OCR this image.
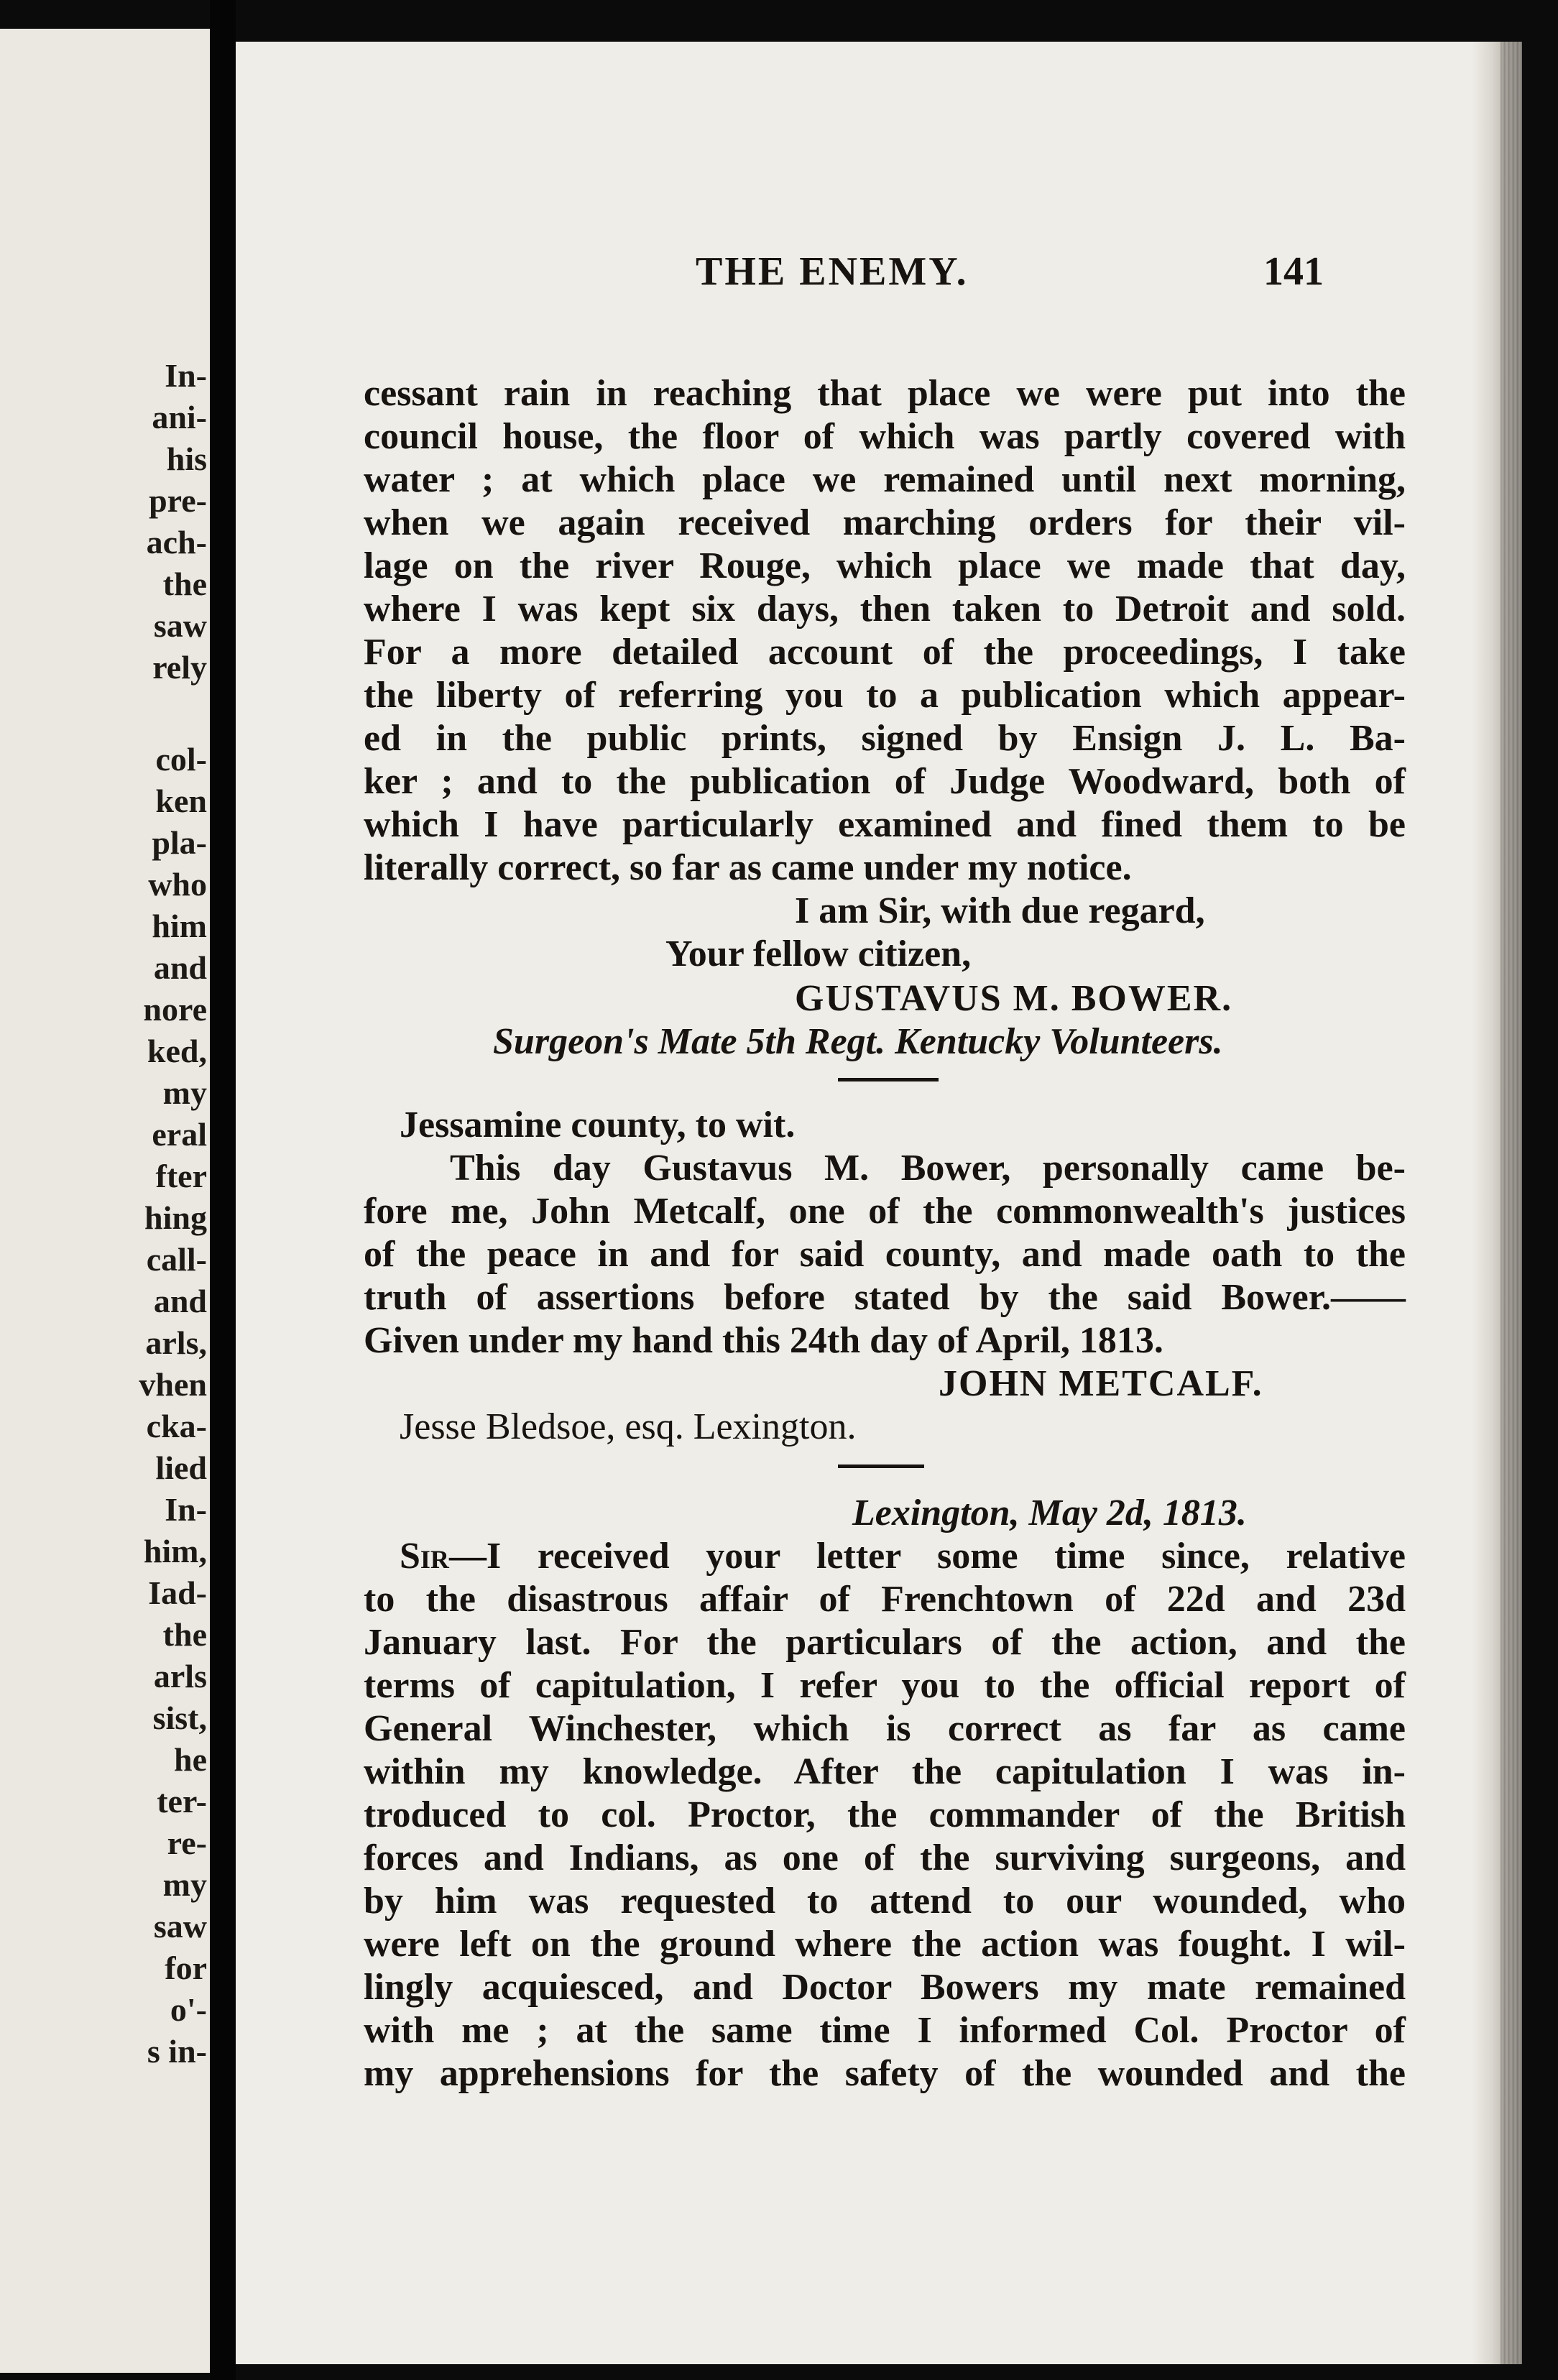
In-
ani-
his
pre-
ach-
the
saw
rely
col-
ken
pla-
who
him
and
nore
ked,
my
eral
fter
hing
call-
and
arls,
vhen
cka-
lied
In-
him,
Iad-
the
arls
sist,
he
ter-
re-
my
saw
for
o'-
s in-
THE ENEMY.	141
cessant rain in reaching that place we were put into the
council house, the floor of which was partly covered with
water ; at which place we remained until next morning,
when we again received marching orders for their vil-
lage on the river Rouge, which place we made that day,
where I was kept six days, then taken to Detroit and sold.
For a more detailed account of the proceedings, I take
the liberty of referring you to a publication which appear-
ed in the public prints, signed by Ensign J. L. Ba-
ker ; and to the publication of Judge Woodward, both of
which I have particularly examined and fined them to be
literally correct, so far as came under my notice.
I am Sir, with due regard,
Your fellow citizen,
GUSTAVUS M. BOWER.
Surgeon's Mate 5th Regt. Kentucky Volunteers.
Jessamine county, to wit.
This day Gustavus M. Bower, personally came be-
fore me, John Metcalf, one of the commonwealth's justices
of the peace in and for said county, and made oath to the
truth of assertions before stated by the said Bower.——
Given under my hand this 24th day of April, 1813.
JOHN METCALF.
Jesse Bledsoe, esq. Lexington.
Lexington, May 2d, 1813.
Sir —I received your letter some time since, relative
to the disastrous affair of Frenchtown of 22d and 23d
January last. For the particulars of the action, and the
terms of capitulation, I refer you to the official report of
General Winchester, which is correct as far as came
within my knowledge. After the capitulation I was in-
troduced to col. Proctor, the commander of the British
forces and Indians, as one of the surviving surgeons, and
by him was requested to attend to our wounded, who
were left on the ground where the action was fought. I wil-
lingly acquiesced, and Doctor Bowers my mate remained
with me ; at the same time I informed Col. Proctor of
my apprehensions for the safety of the wounded and the
